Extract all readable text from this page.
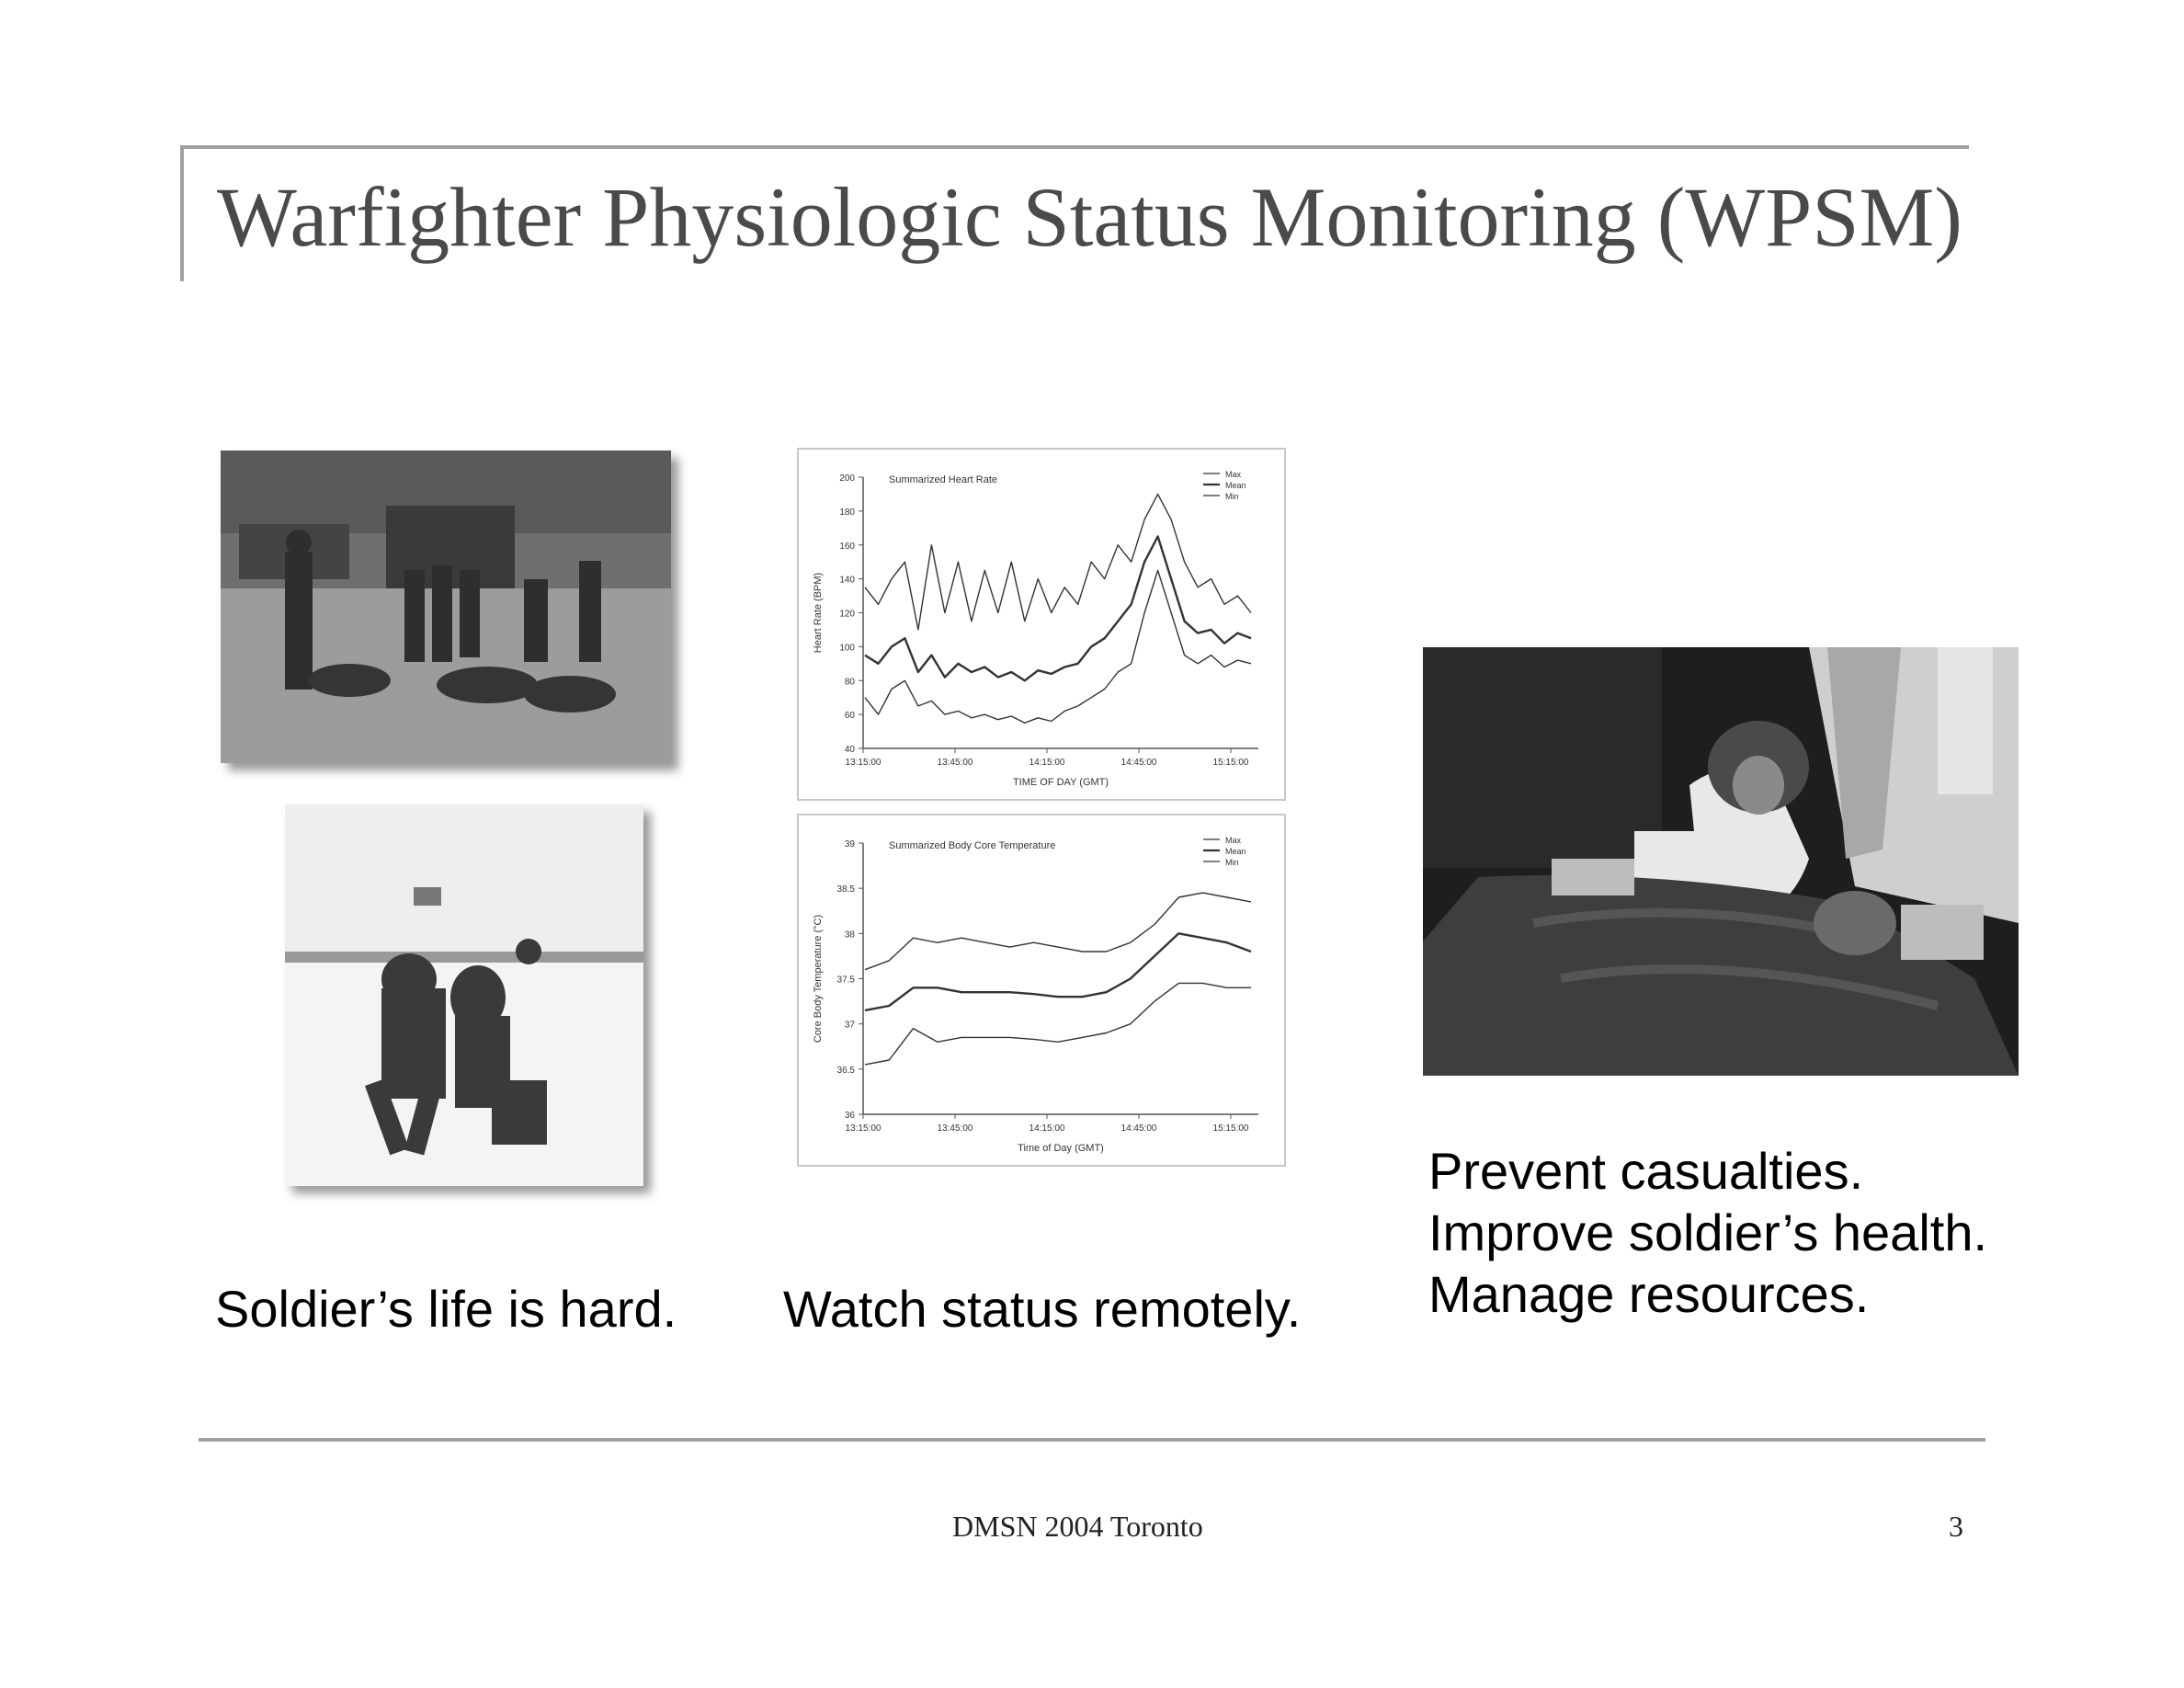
Warfighter Physiologic Status Monitoring (WPSM)
40
60
80
100
120
140
160
180
200
13:15:00	13:45:00	14:15:00	14:45:00	15:15:00
Summarized Heart Rate
TIME OF DAY (GMT)
Heart Rate (BPM)
Max
Mean
Min
36
36.5
37
37.5
38
38.5
39
13:15:00	13:45:00	14:15:00	14:45:00	15:15:00
Summarized Body Core Temperature
Time of Day (GMT)
Core Body Temperature (°C)
Max
Mean
Min
Soldier’s life is hard. Watch status remotely.
Prevent casualties.
Improve soldier’s health.
Manage resources.
DMSN 2004 Toronto	3
